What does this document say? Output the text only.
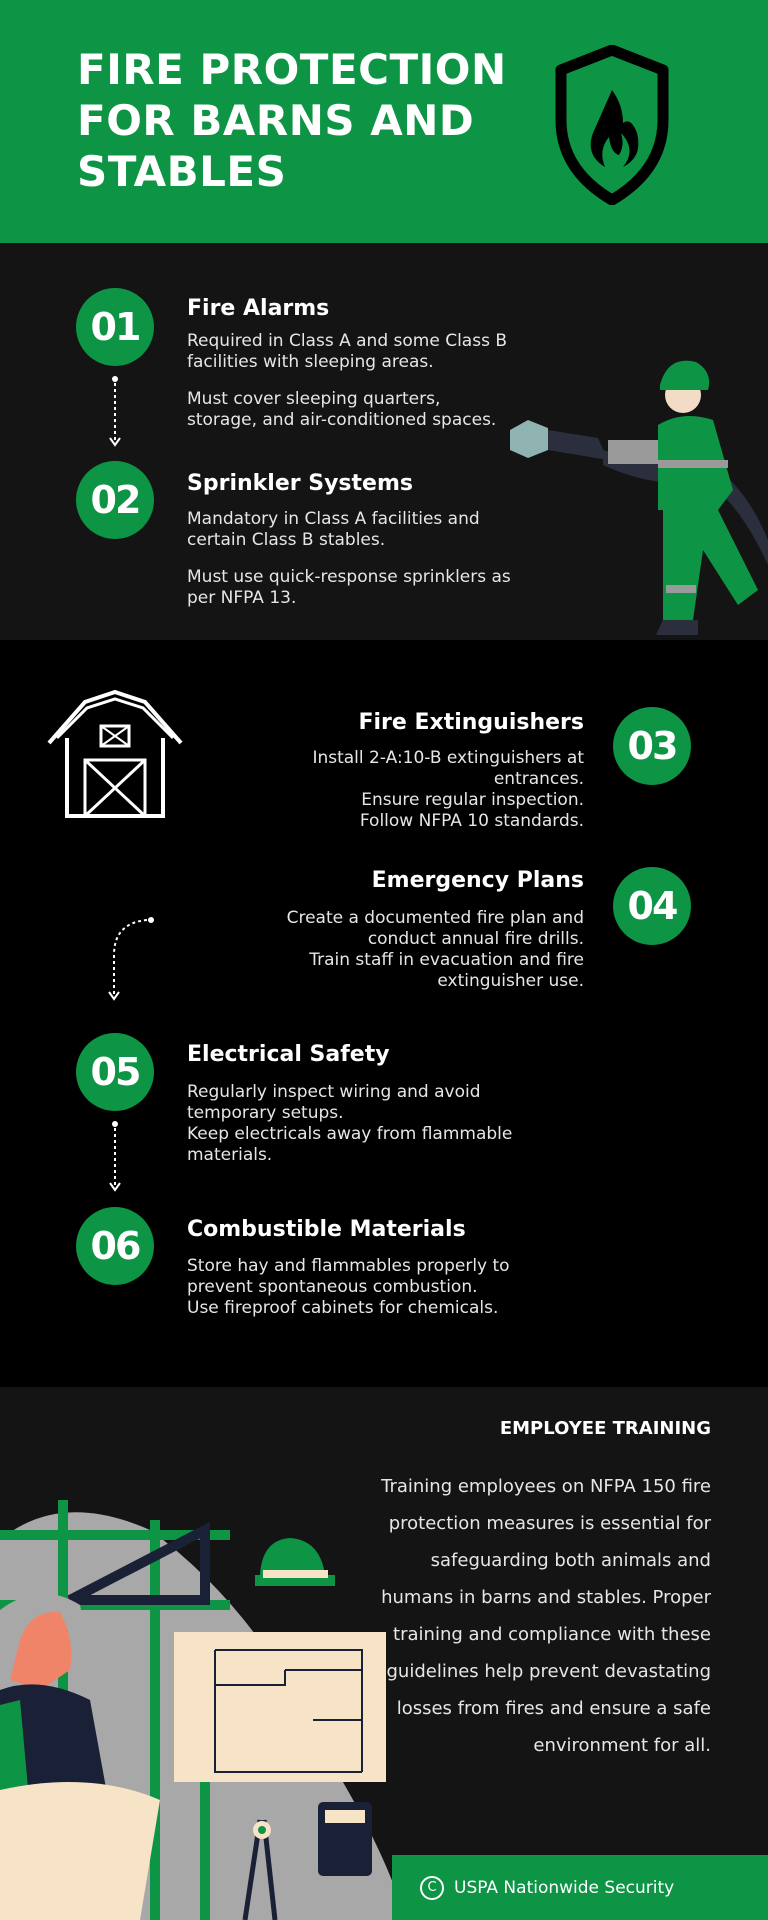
FIRE PROTECTION FOR BARNS AND STABLES
01	Fire Alarms
Required in Class A and some Class B facilities with sleeping areas.
Must cover sleeping quarters, storage, and air-conditioned spaces.
02	Sprinkler Systems
Mandatory in Class A facilities and certain Class B stables.
Must use quick-response sprinklers as per NFPA 13.
03
Fire Extinguishers
Install 2-A:10-B extinguishers at entrances.
Ensure regular inspection.
Follow NFPA 10 standards.
04
Emergency Plans
Create a documented fire plan and conduct annual fire drills.
Train staff in evacuation and fire extinguisher use.
05	Electrical Safety
Regularly inspect wiring and avoid temporary setups.
Keep electricals away from flammable materials.
06	Combustible Materials
Store hay and flammables properly to prevent spontaneous combustion.
Use fireproof cabinets for chemicals.
EMPLOYEE TRAINING
Training employees on NFPA 150 fire protection measures is essential for safeguarding both animals and humans in barns and stables. Proper training and compliance with these guidelines help prevent devastating losses from fires and ensure a safe environment for all.
C	USPA Nationwide Security
